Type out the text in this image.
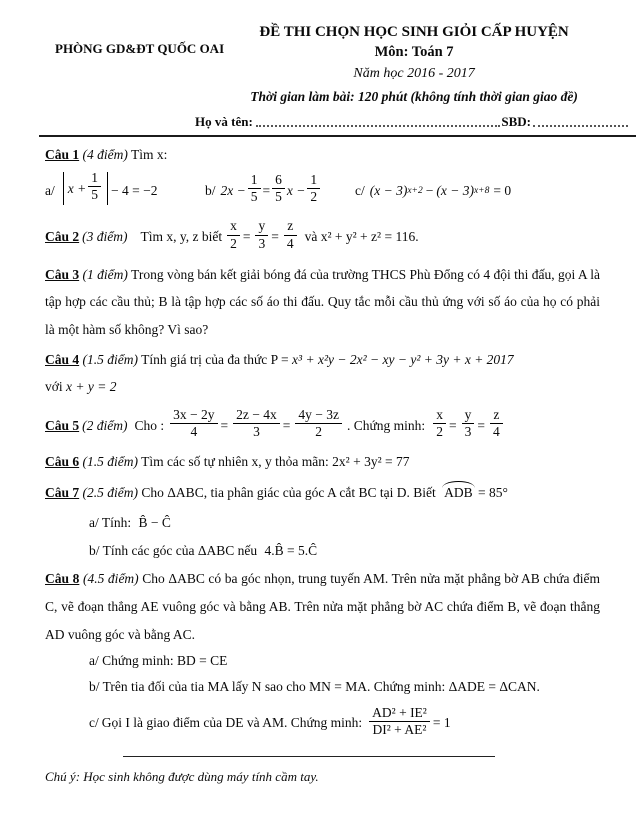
PHÒNG GD&ĐT QUỐC OAI
ĐỀ THI CHỌN HỌC SINH GIỎI CẤP HUYỆN
Môn: Toán 7
Năm học 2016 - 2017
Thời gian làm bài: 120 phút (không tính thời gian giao đề)
Họ và tên:	SBD:
Câu 1 (4 điểm) Tìm x:
a/ $x + \frac{1}{5} - 4 = -2$	b/ $2x - \frac{1}{5} = \frac{6}{5}$ $x - \frac{1}{2}$	c/ (x − 3) x+2 − (x − 3) x+8 = 0
Câu 2 (3 điểm) Tìm x, y, z biết $\frac{x}{2} = \frac{y}{3} = \frac{z}{4}$ và x² + y² + z² = 116.
Câu 3 (1 điểm) Trong vòng bán kết giải bóng đá của trường THCS Phù Đổng có 4 đội thi đấu, gọi A là tập hợp các cầu thủ; B là tập hợp các số áo thi đấu. Quy tắc mỗi cầu thủ ứng với số áo của họ có phải là một hàm số không? Vì sao?
Câu 4 (1.5 điểm) Tính giá trị của đa thức P = x³ + x²y − 2x² − xy − y² + 3y + x + 2017
với x + y = 2
Câu 5 (2 điểm) Cho : $\frac{3x - 2y}{4} = \frac{2z - 4x}{3} = \frac{4y - 3z}{2}$ . Chứng minh: $\frac{x}{2} = \frac{y}{3} = \frac{z}{4}$
Câu 6 (1.5 điểm) Tìm các số tự nhiên x, y thỏa mãn: 2x² + 3y² = 77
Câu 7 (2.5 điểm) Cho ΔABC, tia phân giác của góc A cắt BC tại D. Biết ADB = 85°
a/ Tính: B̂ − Ĉ
b/ Tính các góc của ΔABC nếu 4.B̂ = 5.Ĉ
Câu 8 (4.5 điểm) Cho ΔABC có ba góc nhọn, trung tuyến AM. Trên nửa mặt phẳng bờ AB chứa điểm C, vẽ đoạn thẳng AE vuông góc và bằng AB. Trên nửa mặt phẳng bờ AC chứa điểm B, vẽ đoạn thẳng AD vuông góc và bằng AC.
a/ Chứng minh: BD = CE
b/ Trên tia đối của tia MA lấy N sao cho MN = MA. Chứng minh: ΔADE = ΔCAN.
c/ Gọi I là giao điểm của DE và AM. Chứng minh: $\frac{\text{AD² + IE²}}{\text{DI² + AE²}} = 1$
Chú ý: Học sinh không được dùng máy tính cầm tay.
